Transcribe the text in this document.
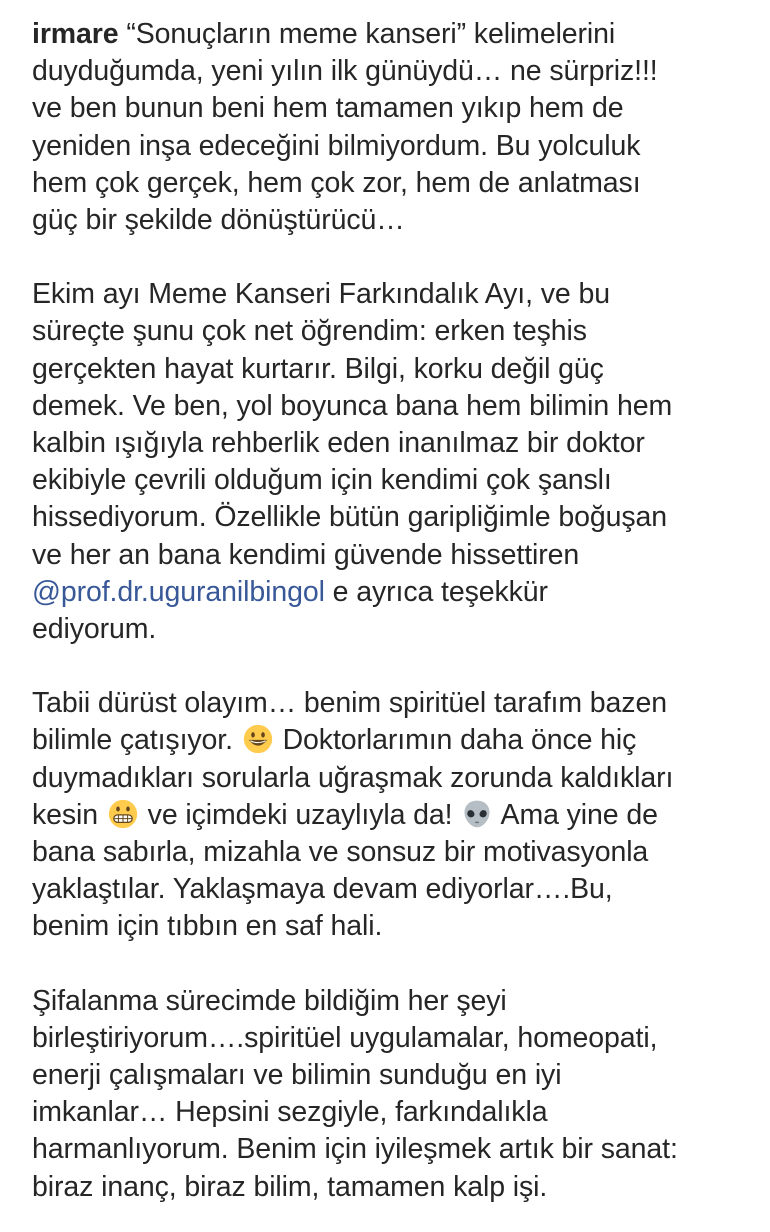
irmare “Sonuçların meme kanseri” kelimelerini
duyduğumda, yeni yılın ilk günüydü… ne sürpriz!!!
ve ben bunun beni hem tamamen yıkıp hem de
yeniden inşa edeceğini bilmiyordum. Bu yolculuk
hem çok gerçek, hem çok zor, hem de anlatması
güç bir şekilde dönüştürücü…

Ekim ayı Meme Kanseri Farkındalık Ayı, ve bu
süreçte şunu çok net öğrendim: erken teşhis
gerçekten hayat kurtarır. Bilgi, korku değil güç
demek. Ve ben, yol boyunca bana hem bilimin hem
kalbin ışığıyla rehberlik eden inanılmaz bir doktor
ekibiyle çevrili olduğum için kendimi çok şanslı
hissediyorum. Özellikle bütün garipliğimle boğuşan
ve her an bana kendimi güvende hissettiren
@prof.dr.uguranilbingol e ayrıca teşekkür
ediyorum.

Tabii dürüst olayım… benim spiritüel tarafım bazen
bilimle çatışıyor.  Doktorlarımın daha önce hiç
duymadıkları sorularla uğraşmak zorunda kaldıkları
kesin  ve içimdeki uzaylıyla da!  Ama yine de
bana sabırla, mizahla ve sonsuz bir motivasyonla
yaklaştılar. Yaklaşmaya devam ediyorlar….Bu,
benim için tıbbın en saf hali.

Şifalanma sürecimde bildiğim her şeyi
birleştiriyorum….spiritüel uygulamalar, homeopati,
enerji çalışmaları ve bilimin sunduğu en iyi
imkanlar… Hepsini sezgiyle, farkındalıkla
harmanlıyorum. Benim için iyileşmek artık bir sanat:
biraz inanç, biraz bilim, tamamen kalp işi.
